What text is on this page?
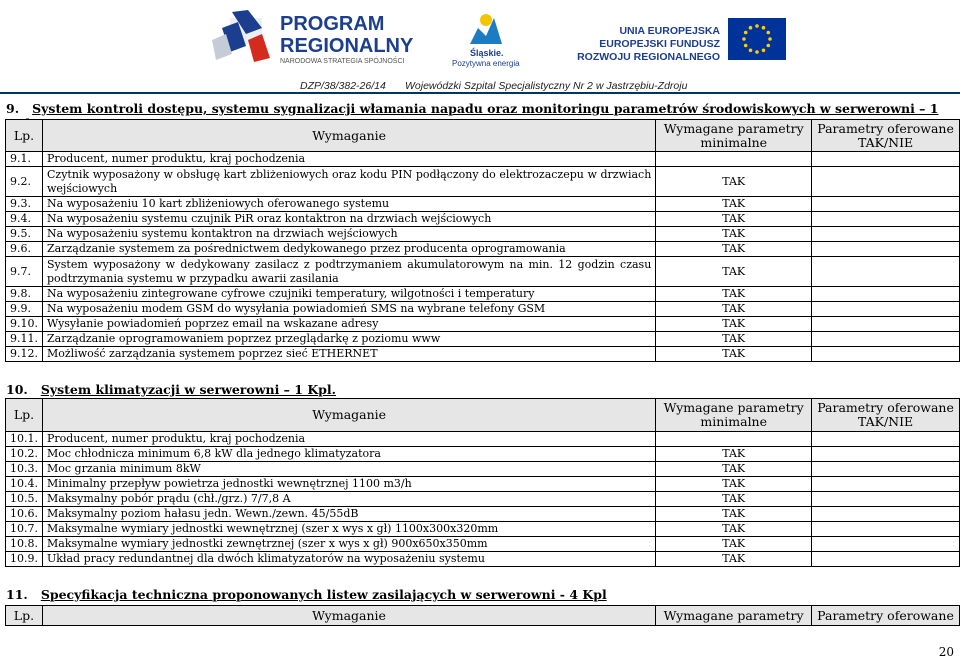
PROGRAM
REGIONALNY
NARODOWA STRATEGIA SPÓJNOŚCI
Śląskie.
Pozytywna energia
UNIA EUROPEJSKA
EUROPEJSKI FUNDUSZ
ROZWOJU REGIONALNEGO
DZP/38/382-26/14 Wojewódzki Szpital Specjalistyczny Nr 2 w Jastrzębiu-Zdroju
9. System kontroli dostępu, systemu sygnalizacji włamania napadu oraz monitoringu parametrów środowiskowych w serwerowni – 1
Lp.	Wymaganie	Wymagane parametry minimalne	Parametry oferowane TAK/NIE
9.1.	Producent, numer produktu, kraj pochodzenia		
9.2.	Czytnik wyposażony w obsługę kart zbliżeniowych oraz kodu PIN podłączony do elektrozaczepu w drzwiach wejściowych	TAK	
9.3.	Na wyposażeniu 10 kart zbliżeniowych oferowanego systemu	TAK	
9.4.	Na wyposażeniu systemu czujnik PiR oraz kontaktron na drzwiach wejściowych	TAK	
9.5.	Na wyposażeniu systemu kontaktron na drzwiach wejściowych	TAK	
9.6.	Zarządzanie systemem za pośrednictwem dedykowanego przez producenta oprogramowania	TAK	
9.7.	System wyposażony w dedykowany zasilacz z podtrzymaniem akumulatorowym na min. 12 godzin czasu podtrzymania systemu w przypadku awarii zasilania	TAK	
9.8.	Na wyposażeniu zintegrowane cyfrowe czujniki temperatury, wilgotności i temperatury	TAK	
9.9.	Na wyposażeniu modem GSM do wysyłania powiadomień SMS na wybrane telefony GSM	TAK	
9.10.	Wysyłanie powiadomień poprzez email na wskazane adresy	TAK	
9.11.	Zarządzanie oprogramowaniem poprzez przeglądarkę z poziomu www	TAK	
9.12.	Możliwość zarządzania systemem poprzez sieć ETHERNET	TAK	
10. System klimatyzacji w serwerowni – 1 Kpl.
Lp.	Wymaganie	Wymagane parametry minimalne	Parametry oferowane TAK/NIE
10.1.	Producent, numer produktu, kraj pochodzenia		
10.2.	Moc chłodnicza minimum 6,8 kW dla jednego klimatyzatora	TAK	
10.3.	Moc grzania minimum 8kW	TAK	
10.4.	Minimalny przepływ powietrza jednostki wewnętrznej 1100 m3/h	TAK	
10.5.	Maksymalny pobór prądu (chł./grz.) 7/7,8 A	TAK	
10.6.	Maksymalny poziom hałasu jedn. Wewn./zewn. 45/55dB	TAK	
10.7.	Maksymalne wymiary jednostki wewnętrznej (szer x wys x gł) 1100x300x320mm	TAK	
10.8.	Maksymalne wymiary jednostki zewnętrznej (szer x wys x gł) 900x650x350mm	TAK	
10.9.	Układ pracy redundantnej dla dwóch klimatyzatorów na wyposażeniu systemu	TAK	
11. Specyfikacja techniczna proponowanych listew zasilających w serwerowni - 4 Kpl
Lp.	Wymaganie	Wymagane parametry	Parametry oferowane
20
